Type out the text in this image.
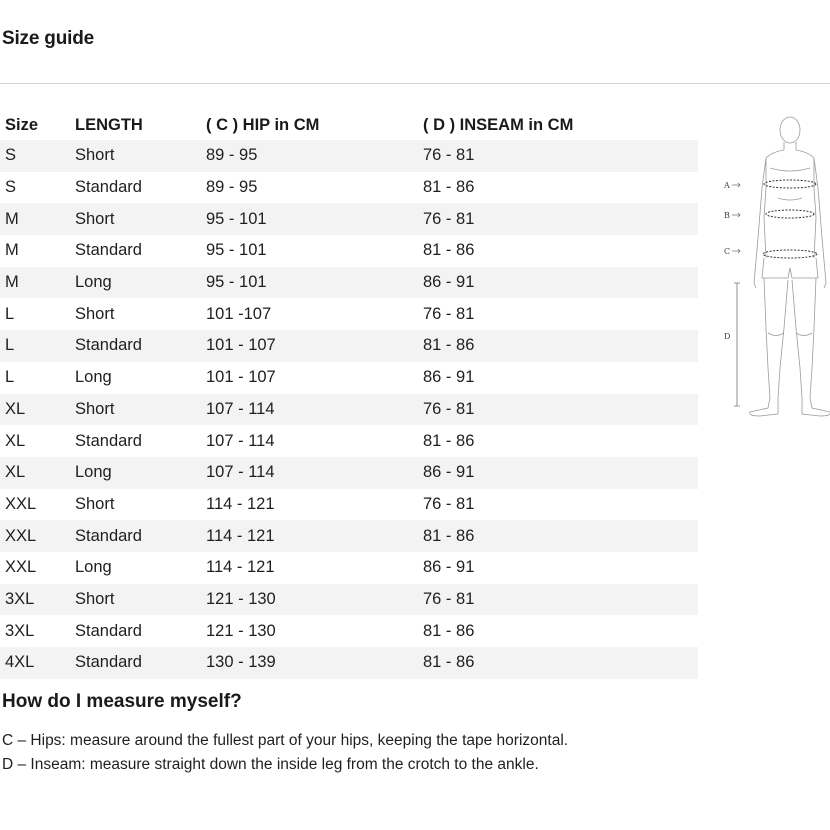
Size guide
Size	LENGTH	( C ) HIP in CM	( D ) INSEAM in CM
S	Short	89 - 95	76 - 81
S	Standard	89 - 95	81 - 86
M	Short	95 - 101	76 - 81
M	Standard	95 - 101	81 - 86
M	Long	95 - 101	86 - 91
L	Short	101 -107	76 - 81
L	Standard	101 - 107	81 - 86
L	Long	101 - 107	86 - 91
XL	Short	107 - 114	76 - 81
XL	Standard	107 - 114	81 - 86
XL	Long	107 - 114	86 - 91
XXL	Short	114 - 121	76 - 81
XXL	Standard	114 - 121	81 - 86
XXL	Long	114 - 121	86 - 91
3XL	Short	121 - 130	76 - 81
3XL	Standard	121 - 130	81 - 86
4XL	Standard	130 - 139	81 - 86
A
B
C
D
How do I measure myself?
C – Hips: measure around the fullest part of your hips, keeping the tape horizontal.
D – Inseam: measure straight down the inside leg from the crotch to the ankle.
